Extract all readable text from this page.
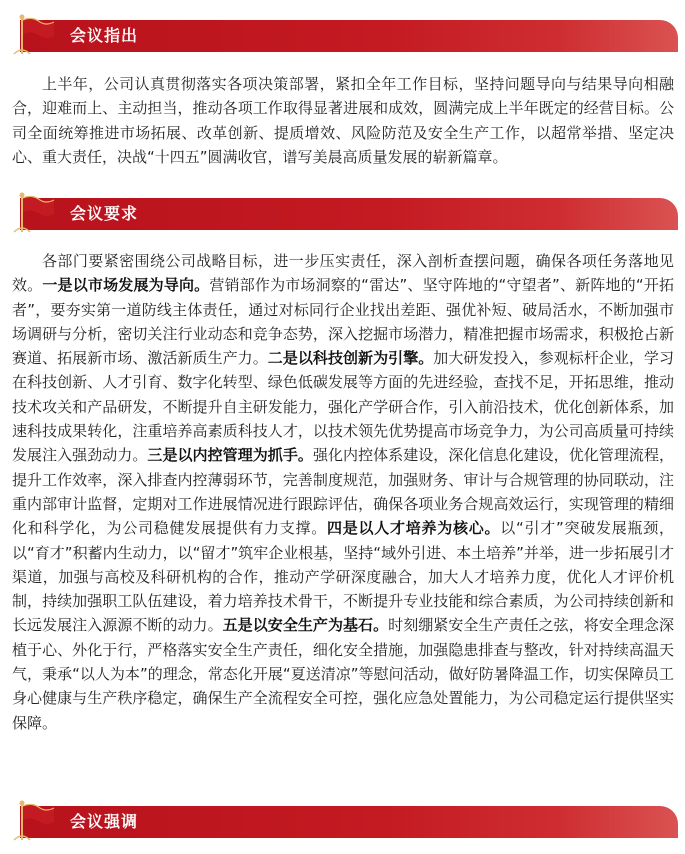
会议指出

上半年，公司认真贯彻落实各项决策部署，紧扣全年工作目标，坚持问题导向与结果导向相融合，迎难而上、主动担当，推动各项工作取得显著进展和成效，圆满完成上半年既定的经营目标。公司全面统筹推进市场拓展、改革创新、提质增效、风险防范及安全生产工作，以超常举措、坚定决心、重大责任，决战“十四五”圆满收官，谱写美晨高质量发展的崭新篇章。

会议要求

各部门要紧密围绕公司战略目标，进一步压实责任，深入剖析查摆问题，确保各项任务落地见效。一是以市场发展为导向。营销部作为市场洞察的“雷达”、坚守阵地的“守望者”、新阵地的“开拓者”，要夯实第一道防线主体责任，通过对标同行企业找出差距、强优补短、破局活水，不断加强市场调研与分析，密切关注行业动态和竞争态势，深入挖掘市场潜力，精准把握市场需求，积极抢占新赛道、拓展新市场、激活新质生产力。二是以科技创新为引擎。加大研发投入，参观标杆企业，学习在科技创新、人才引育、数字化转型、绿色低碳发展等方面的先进经验，查找不足，开拓思维，推动技术攻关和产品研发，不断提升自主研发能力，强化产学研合作，引入前沿技术，优化创新体系，加速科技成果转化，注重培养高素质科技人才，以技术领先优势提高市场竞争力，为公司高质量可持续发展注入强劲动力。三是以内控管理为抓手。强化内控体系建设，深化信息化建设，优化管理流程，提升工作效率，深入排查内控薄弱环节，完善制度规范，加强财务、审计与合规管理的协同联动，注重内部审计监督，定期对工作进展情况进行跟踪评估，确保各项业务合规高效运行，实现管理的精细化和科学化，为公司稳健发展提供有力支撑。四是以人才培养为核心。以“引才”突破发展瓶颈，以“育才”积蓄内生动力，以“留才”筑牢企业根基，坚持“域外引进、本土培养”并举，进一步拓展引才渠道，加强与高校及科研机构的合作，推动产学研深度融合，加大人才培养力度，优化人才评价机制，持续加强职工队伍建设，着力培养技术骨干，不断提升专业技能和综合素质，为公司持续创新和长远发展注入源源不断的动力。五是以安全生产为基石。时刻绷紧安全生产责任之弦，将安全理念深植于心、外化于行，严格落实安全生产责任，细化安全措施，加强隐患排查与整改，针对持续高温天气，秉承“以人为本”的理念，常态化开展“夏送清凉”等慰问活动，做好防暑降温工作，切实保障员工身心健康与生产秩序稳定，确保生产全流程安全可控，强化应急处置能力，为公司稳定运行提供坚实保障。

会议强调
